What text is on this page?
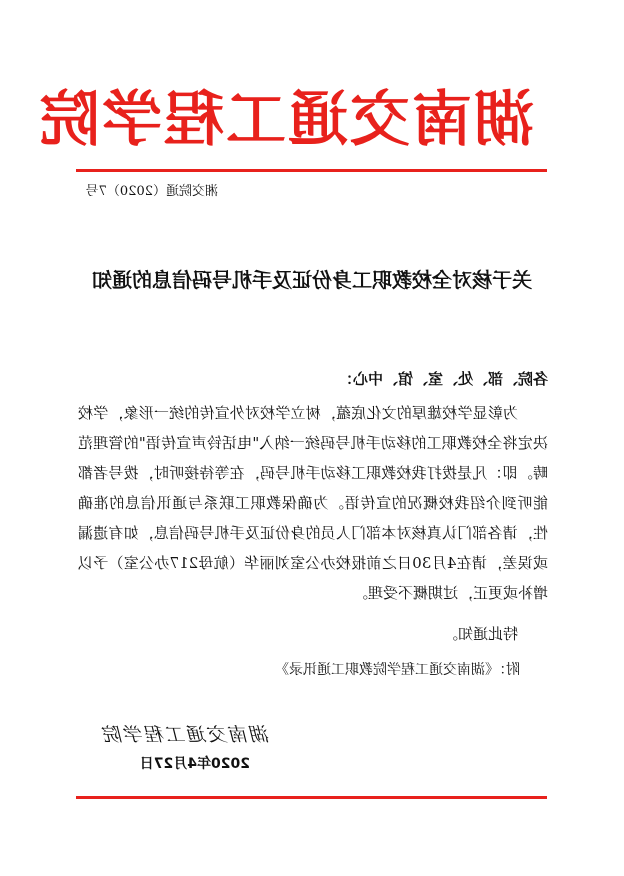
湖南交通工程学院
湘交院通（2020）7号
关于核对全校教职工身份证及手机号码信息的通知
各院、部、处、室、馆、中心：
为彰显学校雄厚的文化底蕴，树立学校对外宣传的统一形象，学校决定将全校教职工的移动手机号码统一纳入"电话铃声宣传语"的管理范畴。即：凡是拨打我校教职工移动手机号码，在等待接听时，拨号者都能听到介绍我校概况的宣传语。为确保教职工联系与通讯信息的准确性，请各部门认真核对本部门人员的身份证及手机号码信息，如有遗漏或误差，请在4月30日之前报校办公室刘丽华（航母217办公室）予以增补或更正，过期概不受理。
特此通知。
附：《湖南交通工程学院教职工通讯录》
湖南交通工程学院
2020年4月27日
